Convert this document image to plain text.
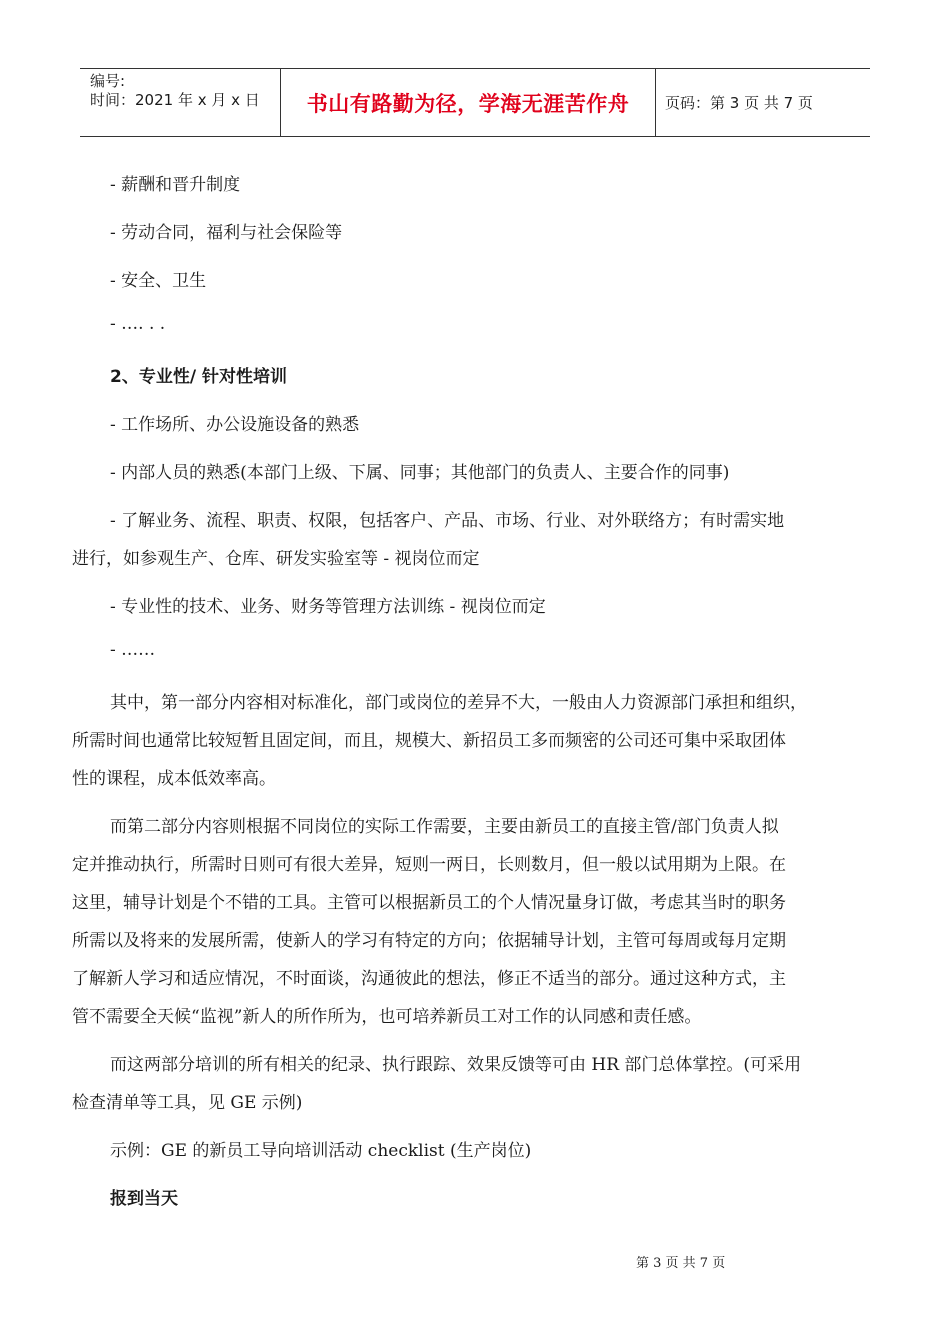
编号:
时间：2021 年 x 月 x 日	书山有路勤为径，学海无涯苦作舟	页码：第 3 页 共 7 页
- 薪酬和晋升制度
- 劳动合同，福利与社会保险等
- 安全、卫生
- …. . .
2、专业性/ 针对性培训
- 工作场所、办公设施设备的熟悉
- 内部人员的熟悉(本部门上级、下属、同事；其他部门的负责人、主要合作的同事)
- 了解业务、流程、职责、权限，包括客户、产品、市场、行业、对外联络方；有时需实地
进行，如参观生产、仓库、研发实验室等 - 视岗位而定
- 专业性的技术、业务、财务等管理方法训练 - 视岗位而定
- ……
其中，第一部分内容相对标准化，部门或岗位的差异不大，一般由人力资源部门承担和组织，
所需时间也通常比较短暂且固定间，而且，规模大、新招员工多而频密的公司还可集中采取团体
性的课程，成本低效率高。
而第二部分内容则根据不同岗位的实际工作需要，主要由新员工的直接主管/部门负责人拟
定并推动执行，所需时日则可有很大差异，短则一两日，长则数月，但一般以试用期为上限。在
这里，辅导计划是个不错的工具。主管可以根据新员工的个人情况量身订做，考虑其当时的职务
所需以及将来的发展所需，使新人的学习有特定的方向；依据辅导计划，主管可每周或每月定期
了解新人学习和适应情况，不时面谈，沟通彼此的想法，修正不适当的部分。通过这种方式，主
管不需要全天候“监视”新人的所作所为，也可培养新员工对工作的认同感和责任感。
而这两部分培训的所有相关的纪录、执行跟踪、效果反馈等可由 HR 部门总体掌控。(可采用
检查清单等工具，见 GE 示例)
示例：GE 的新员工导向培训活动 checklist (生产岗位)
报到当天
第 3 页 共 7 页
